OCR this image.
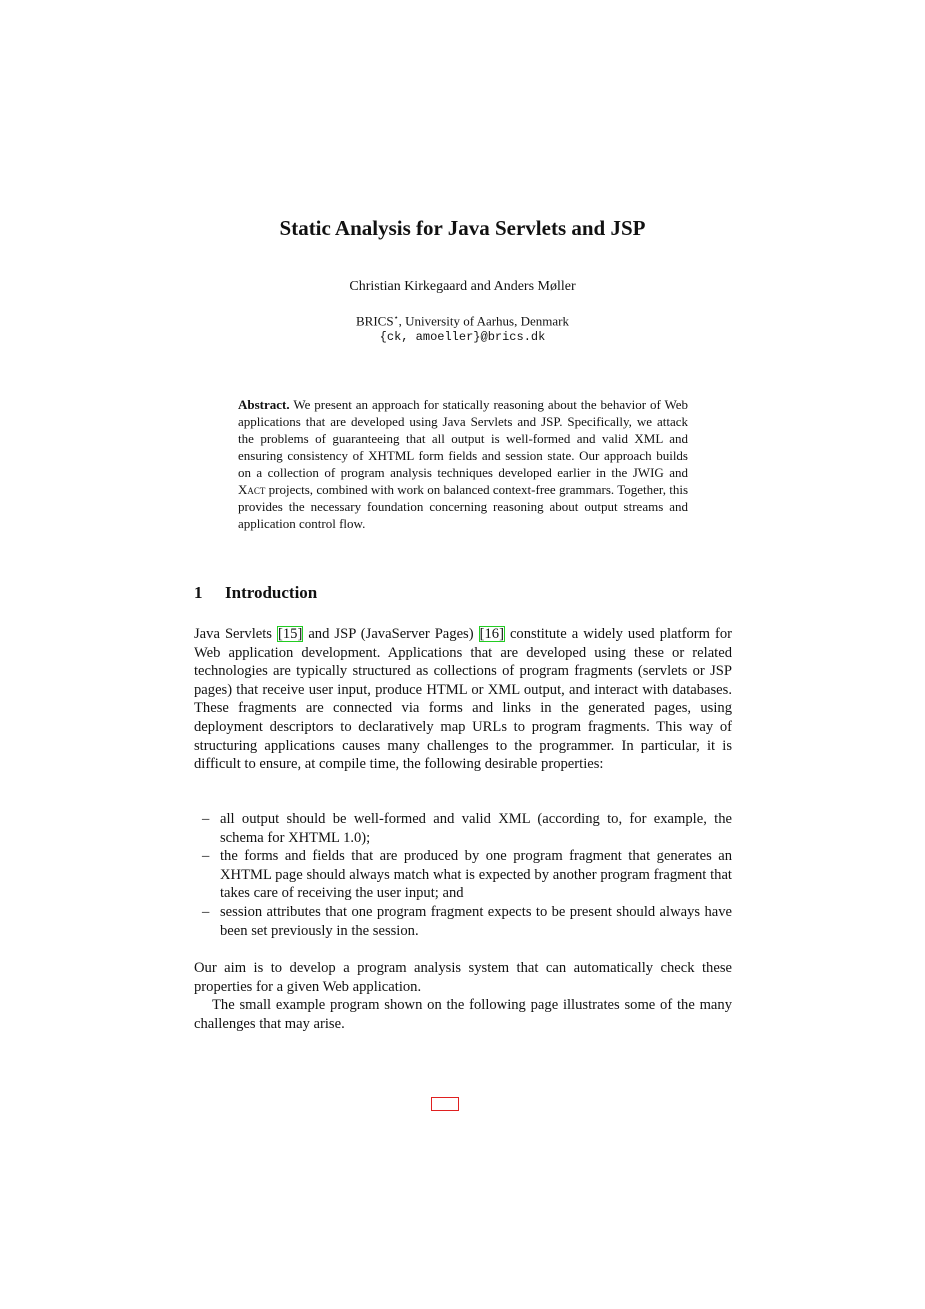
Static Analysis for Java Servlets and JSP
Christian Kirkegaard and Anders Møller
BRICS⋆, University of Aarhus, Denmark
{ck, amoeller}@brics.dk
Abstract. We present an approach for statically reasoning about the behavior of Web applications that are developed using Java Servlets and JSP. Specifically, we attack the problems of guaranteeing that all output is well-formed and valid XML and ensuring consistency of XHTML form fields and session state. Our approach builds on a collection of program analysis techniques developed earlier in the JWIG and Xact projects, combined with work on balanced context-free grammars. Together, this provides the necessary foundation concerning reasoning about output streams and application control flow.
1 Introduction
Java Servlets [15] and JSP (JavaServer Pages) [16] constitute a widely used platform for Web application development. Applications that are developed using these or related technologies are typically structured as collections of program fragments (servlets or JSP pages) that receive user input, produce HTML or XML output, and interact with databases. These fragments are connected via forms and links in the generated pages, using deployment descriptors to declaratively map URLs to program fragments. This way of structuring applications causes many challenges to the programmer. In particular, it is difficult to ensure, at compile time, the following desirable properties:
– all output should be well-formed and valid XML (according to, for example, the schema for XHTML 1.0);
– the forms and fields that are produced by one program fragment that generates an XHTML page should always match what is expected by another program fragment that takes care of receiving the user input; and
– session attributes that one program fragment expects to be present should always have been set previously in the session.
Our aim is to develop a program analysis system that can automatically check these properties for a given Web application.
The small example program shown on the following page illustrates some of the many challenges that may arise.
